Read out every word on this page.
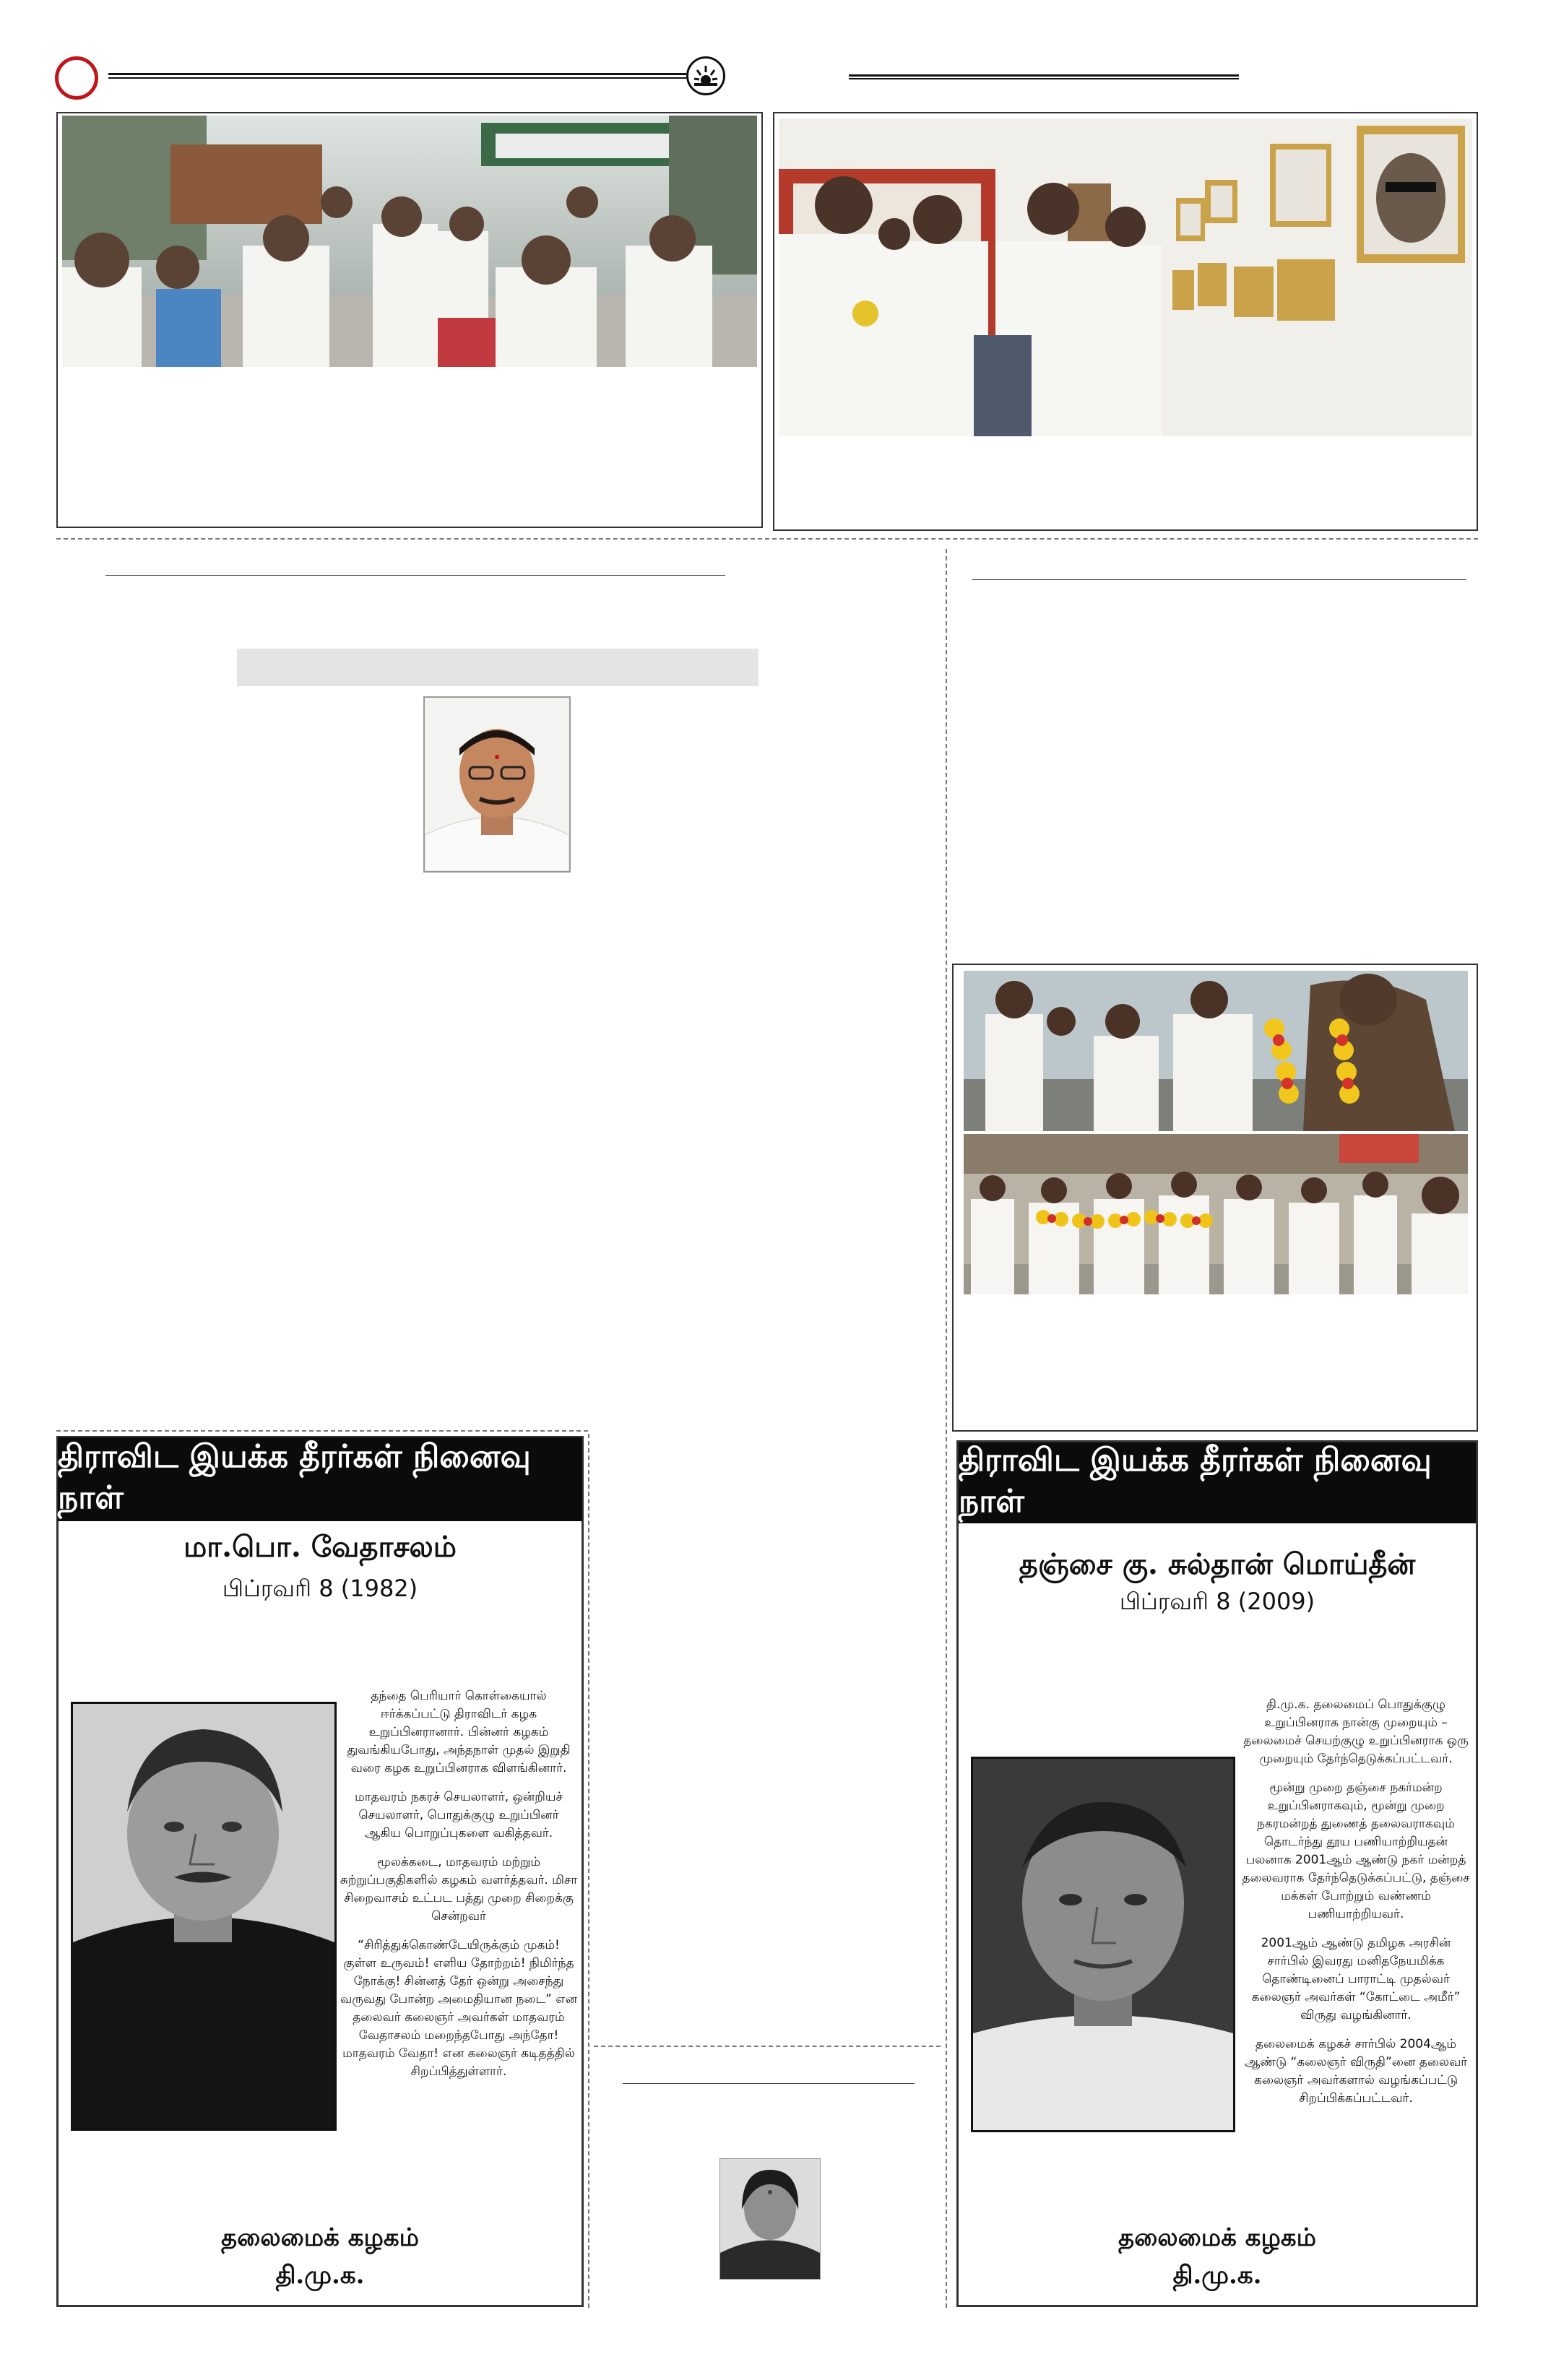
திராவிட இயக்க தீரர்கள் நினைவு நாள்
மா.பொ. வேதாசலம்
பிப்ரவரி 8 (1982)

தந்தை பெரியார் கொள்கையால் ஈர்க்கப்பட்டு திராவிடர் கழக உறுப்பினரானார். பின்னர் கழகம் துவங்கியபோது, அந்தநாள் முதல் இறுதி வரை கழக உறுப்பினராக விளங்கினார்.

மாதவரம் நகரச் செயலாளர், ஒன்றியச் செயலாளர், பொதுக்குழு உறுப்பினர் ஆகிய பொறுப்புகளை வகித்தவர்.

மூலக்கடை, மாதவரம் மற்றும் சுற்றுப்பகுதிகளில் கழகம் வளர்த்தவர். மிசா சிறைவாசம் உட்பட பத்து முறை சிறைக்கு சென்றவர்

“சிரித்துக்கொண்டேயிருக்கும் முகம்! குள்ள உருவம்! எளிய தோற்றம்! நிமிர்ந்த நோக்கு! சின்னத் தேர் ஒன்று அசைந்து வருவது போன்ற அமைதியான நடை” என தலைவர் கலைஞர் அவர்கள் மாதவரம் வேதாசலம் மறைந்தபோது அந்தோ! மாதவரம் வேதா! என கலைஞர் கடிதத்தில் சிறப்பித்துள்ளார்.

தலைமைக் கழகம்
தி.மு.க.
திராவிட இயக்க தீரர்கள் நினைவு நாள்
தஞ்சை கு. சுல்தான் மொய்தீன்
பிப்ரவரி 8 (2009)

தி.மு.க. தலைமைப் பொதுக்குழு உறுப்பினராக நான்கு முறையும் – தலைமைச் செயற்குழு உறுப்பினராக ஒரு முறையும் தேர்ந்தெடுக்கப்பட்டவர்.

மூன்று முறை தஞ்சை நகர்மன்ற உறுப்பினராகவும், மூன்று முறை நகரமன்றத் துணைத் தலைவராகவும் தொடர்ந்து தூய பணியாற்றியதன் பலனாக 2001ஆம் ஆண்டு நகர் மன்றத் தலைவராக தேர்ந்தெடுக்கப்பட்டு, தஞ்சை மக்கள் போற்றும் வண்ணம் பணியாற்றியவர்.

2001ஆம் ஆண்டு தமிழக அரசின் சார்பில் இவரது மனிதநேயமிக்க தொண்டினைப் பாராட்டி முதல்வர் கலைஞர் அவர்கள் “கோட்டை அமீர்” விருது வழங்கினார்.

தலைமைக் கழகச் சார்பில் 2004ஆம் ஆண்டு “கலைஞர் விருதி”னை தலைவர் கலைஞர் அவர்களால் வழங்கப்பட்டு சிறப்பிக்கப்பட்டவர்.

தலைமைக் கழகம்
தி.மு.க.
